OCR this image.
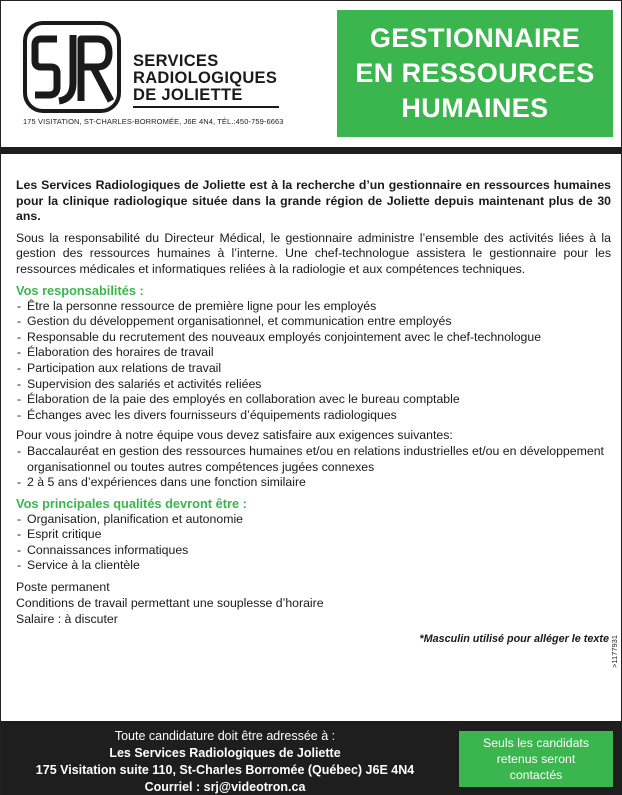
SERVICES
RADIOLOGIQUES
DE JOLIETTE
175 VISITATION, ST-CHARLES-BORROMÉE, J6E 4N4, TÉL.:450-759-6663
GESTIONNAIRE
EN RESSOURCES
HUMAINES

Les Services Radiologiques de Joliette est à la recherche d’un gestionnaire en ressources humaines pour la clinique radiologique située dans la grande région de Joliette depuis maintenant plus de 30 ans.

Sous la responsabilité du Directeur Médical, le gestionnaire administre l’ensemble des activités liées à la gestion des ressources humaines à l’interne. Une chef-technologue assistera le gestionnaire pour les ressources médicales et informatiques reliées à la radiologie et aux compétences techniques.

Vos responsabilités :
- Être la personne ressource de première ligne pour les employés
- Gestion du développement organisationnel, et communication entre employés
- Responsable du recrutement des nouveaux employés conjointement avec le chef-technologue
- Élaboration des horaires de travail
- Participation aux relations de travail
- Supervision des salariés et activités reliées
- Élaboration de la paie des employés en collaboration avec le bureau comptable
- Échanges avec les divers fournisseurs d’équipements radiologiques
Pour vous joindre à notre équipe vous devez satisfaire aux exigences suivantes:
- Baccalauréat en gestion des ressources humaines et/ou en relations industrielles et/ou en développement organisationnel ou toutes autres compétences jugées connexes
- 2 à 5 ans d’expériences dans une fonction similaire
Vos principales qualités devront être :
- Organisation, planification et autonomie
- Esprit critique
- Connaissances informatiques
- Service à la clientèle
Poste permanent
Conditions de travail permettant une souplesse d’horaire
Salaire : à discuter
*Masculin utilisé pour alléger le texte >1177931
Toute candidature doit être adressée à :
Les Services Radiologiques de Joliette
175 Visitation suite 110, St-Charles Borromée (Québec) J6E 4N4
Courriel : srj@videotron.ca
Seuls les candidats
retenus seront
contactés
